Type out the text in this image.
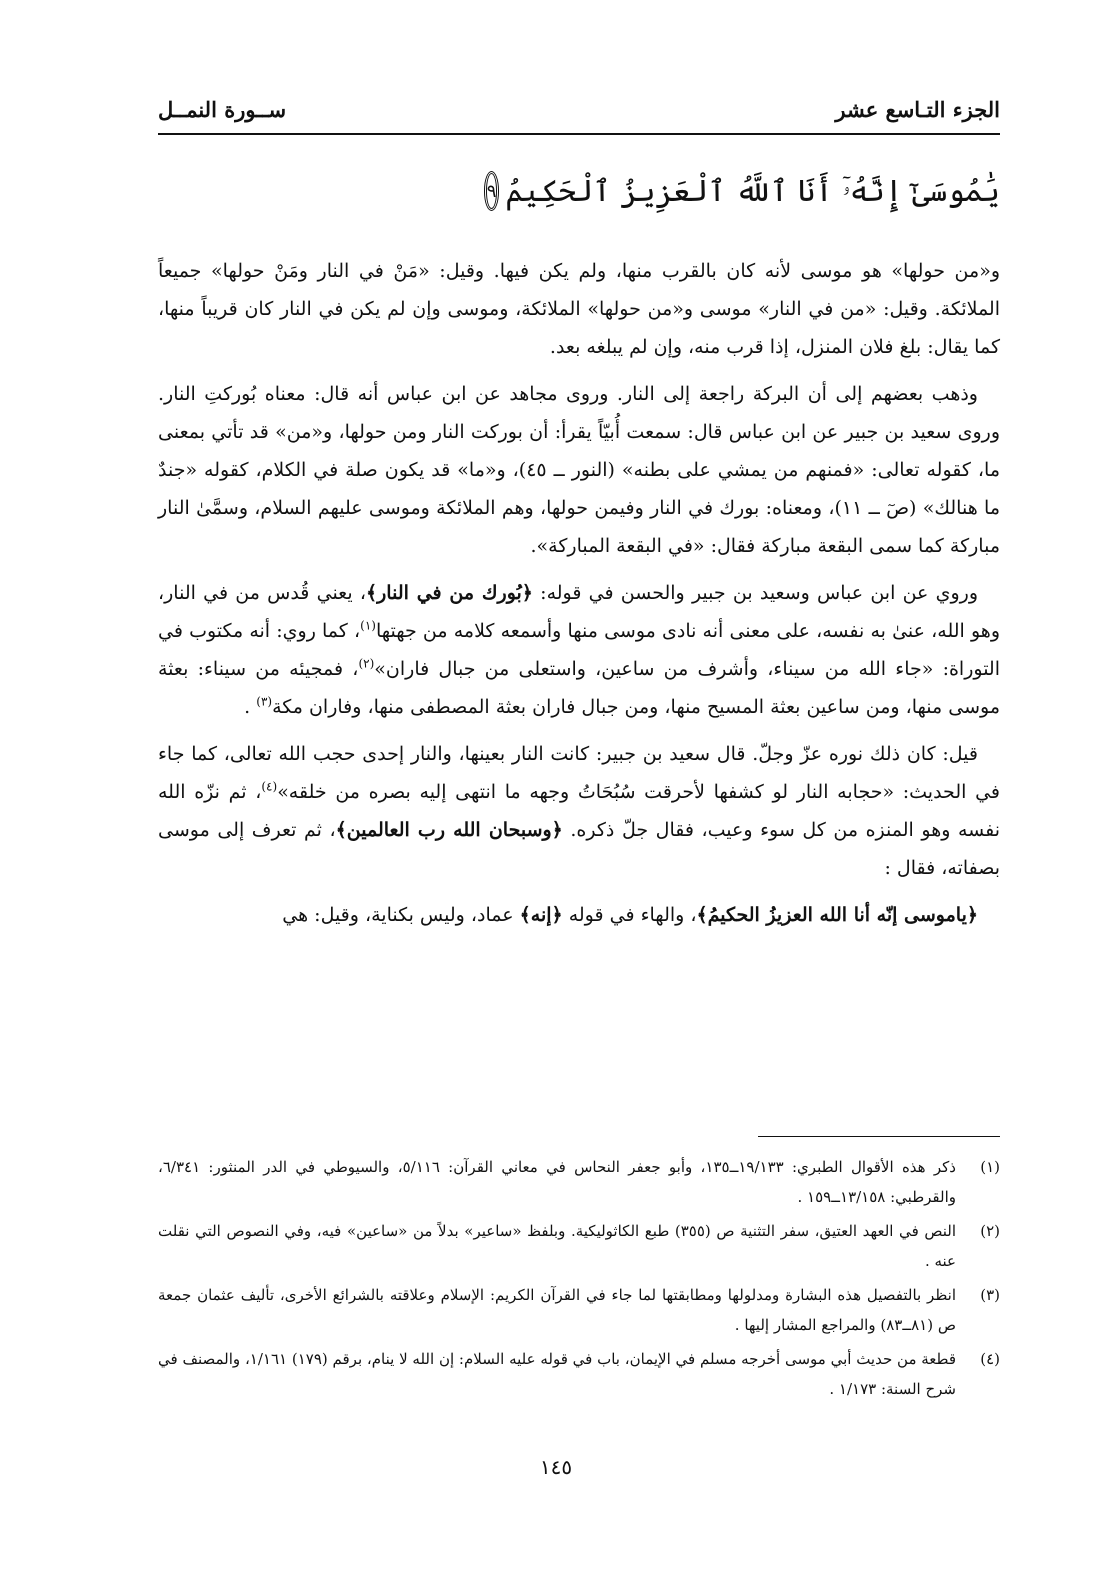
الجزء التـاسع عشر
ســورة النمــل
يَٰمُوسَىٰٓ إِنَّهُۥٓ أَنَا ٱللَّهُ ٱلْعَزِيزُ ٱلْحَكِيمُ
٩

و«من حولها» هو موسى لأنه كان بالقرب منها، ولم يكن فيها. وقيل: «مَنْ في النار ومَنْ حولها» جميعاً الملائكة. وقيل: «من في النار» موسى و«من حولها» الملائكة، وموسى وإن لم يكن في النار كان قريباً منها، كما يقال: بلغ فلان المنزل، إذا قرب منه، وإن لم يبلغه بعد.

وذهب بعضهم إلى أن البركة راجعة إلى النار. وروى مجاهد عن ابن عباس أنه قال: معناه بُوركتِ النار. وروى سعيد بن جبير عن ابن عباس قال: سمعت أُبيّاً يقرأ: أن بوركت النار ومن حولها، و«من» قد تأتي بمعنى ما، كقوله تعالى: «فمنهم من يمشي على بطنه» (النور ــ ٤٥)، و«ما» قد يكون صلة في الكلام، كقوله «جندٌ ما هنالك» (صٓ ــ ١١)، ومعناه: بورك في النار وفيمن حولها، وهم الملائكة وموسى عليهم السلام، وسمَّىٰ النار مباركة كما سمى البقعة مباركة فقال: «في البقعة المباركة».

وروي عن ابن عباس وسعيد بن جبير والحسن في قوله: ﴿بُورك من في النار﴾، يعني قُدس من في النار، وهو الله، عنىٰ به نفسه، على معنى أنه نادى موسى منها وأسمعه كلامه من جهتها$^{(١)}$، كما روي: أنه مكتوب في التوراة: «جاء الله من سيناء، وأشرف من ساعين، واستعلى من جبال فاران»$^{(٢)}$، فمجيئه من سيناء: بعثة موسى منها، ومن ساعين بعثة المسيح منها، ومن جبال فاران بعثة المصطفى منها، وفاران مكة$^{(٣)}$ .

قيل: كان ذلك نوره عزّ وجلّ. قال سعيد بن جبير: كانت النار بعينها، والنار إحدى حجب الله تعالى، كما جاء في الحديث: «حجابه النار لو كشفها لأحرقت سُبُحَاتُ وجهه ما انتهى إليه بصره من خلقه»$^{(٤)}$، ثم نزّه الله نفسه وهو المنزه من كل سوء وعيب، فقال جلّ ذكره. ﴿وسبحان الله رب العالمين﴾، ثم تعرف إلى موسى بصفاته، فقال :

﴿ياموسى إنّه أنا الله العزيزُ الحكيمُ﴾، والهاء في قوله ﴿إنه﴾ عماد، وليس بكناية، وقيل: هي

(١)
ذكر هذه الأقوال الطبري: ١٩/١٣٣ــ١٣٥، وأبو جعفر النحاس في معاني القرآن: ٥/١١٦، والسيوطي في الدر المنثور: ٦/٣٤١، والقرطبي: ١٣/١٥٨ــ١٥٩ .
(٢)
النص في العهد العتيق، سفر التثنية ص (٣٥٥) طبع الكاثوليكية. وبلفظ «ساعير» بدلاً من «ساعين» فيه، وفي النصوص التي نقلت عنه .
(٣)
انظر بالتفصيل هذه البشارة ومدلولها ومطابقتها لما جاء في القرآن الكريم: الإسلام وعلاقته بالشرائع الأخرى، تأليف عثمان جمعة ص (٨١ــ٨٣) والمراجع المشار إليها .
(٤)
قطعة من حديث أبي موسى أخرجه مسلم في الإيمان، باب في قوله عليه السلام: إن الله لا ينام، برقم (١٧٩) ١/١٦١، والمصنف في شرح السنة: ١/١٧٣ .
١٤٥
